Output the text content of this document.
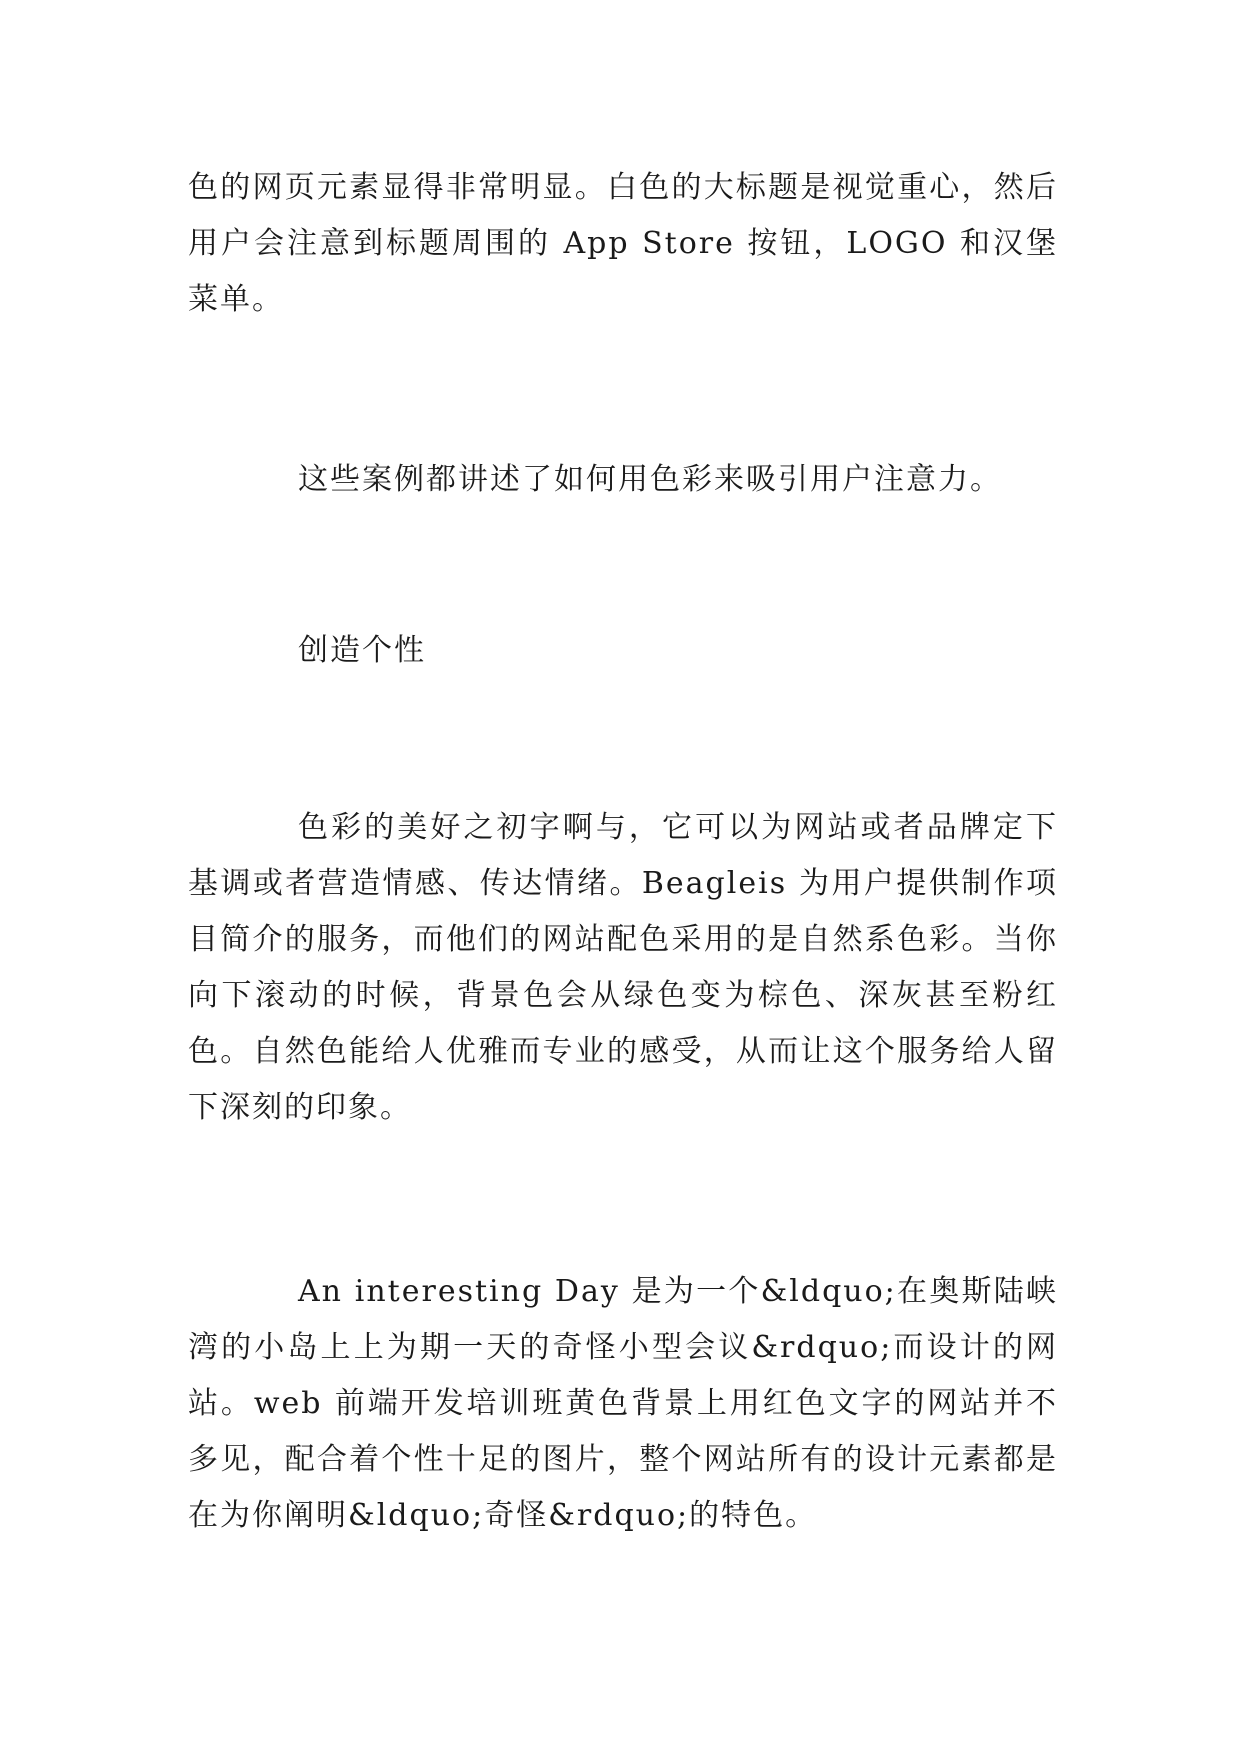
色的网页元素显得非常明显。白色的大标题是视觉重心，然后用户会注意到标题周围的 App Store 按钮，LOGO 和汉堡菜单。

这些案例都讲述了如何用色彩来吸引用户注意力。

创造个性

色彩的美好之初字啊与，它可以为网站或者品牌定下基调或者营造情感、传达情绪。Beagleis 为用户提供制作项目简介的服务，而他们的网站配色采用的是自然系色彩。当你向下滚动的时候，背景色会从绿色变为棕色、深灰甚至粉红色。自然色能给人优雅而专业的感受，从而让这个服务给人留下深刻的印象。

An interesting Day 是为一个&ldquo;在奥斯陆峡湾的小岛上上为期一天的奇怪小型会议&rdquo;而设计的网站。web 前端开发培训班黄色背景上用红色文字的网站并不多见，配合着个性十足的图片，整个网站所有的设计元素都是在为你阐明&ldquo;奇怪&rdquo;的特色。
